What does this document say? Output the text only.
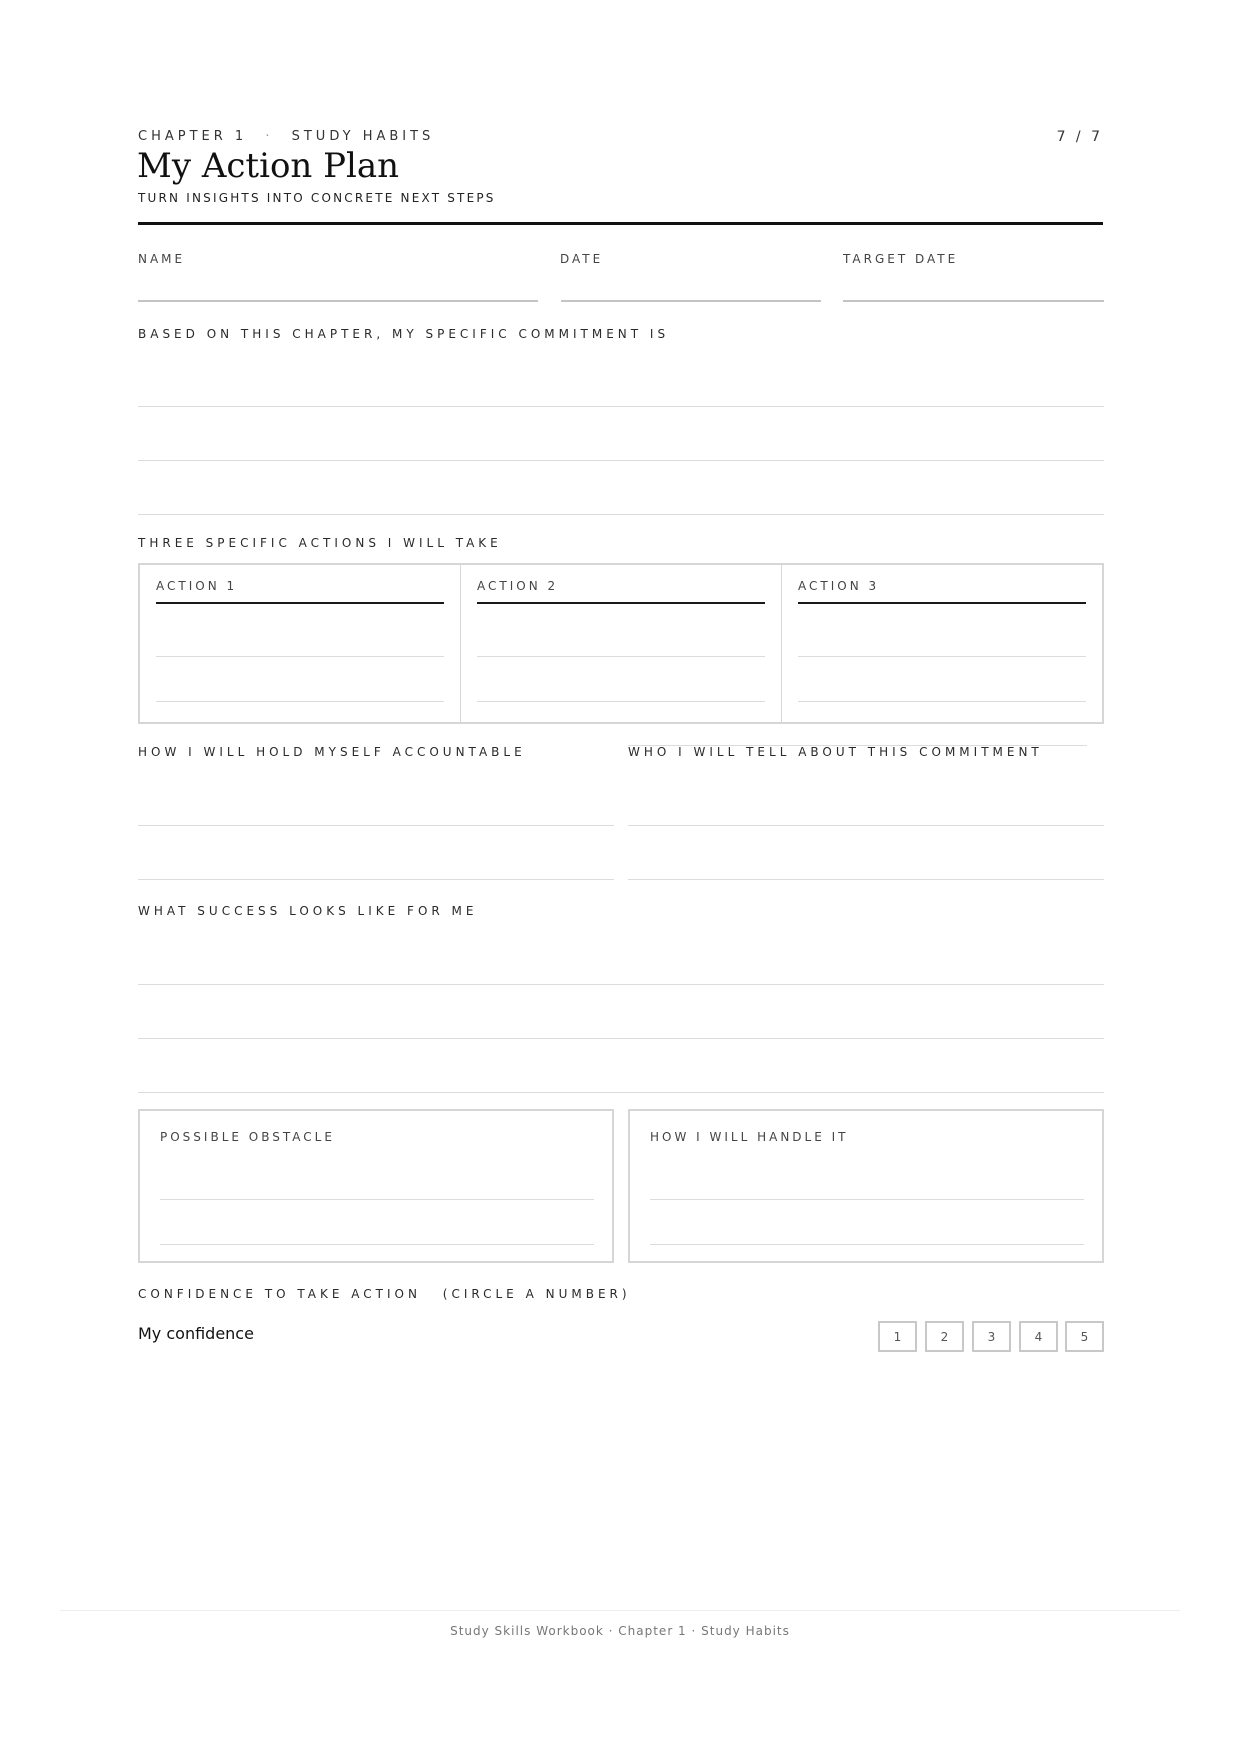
CHAPTER 1 · STUDY HABITS	7 / 7
My Action Plan
TURN INSIGHTS INTO CONCRETE NEXT STEPS
NAME	DATE	TARGET DATE
BASED ON THIS CHAPTER, MY SPECIFIC COMMITMENT IS
THREE SPECIFIC ACTIONS I WILL TAKE
ACTION 1	ACTION 2	ACTION 3
HOW I WILL HOLD MYSELF ACCOUNTABLE	WHO I WILL TELL ABOUT THIS COMMITMENT
WHAT SUCCESS LOOKS LIKE FOR ME
POSSIBLE OBSTACLE	HOW I WILL HANDLE IT
CONFIDENCE TO TAKE ACTION (CIRCLE A NUMBER)
My confidence	1	2	3	4	5
Study Skills Workbook · Chapter 1 · Study Habits
